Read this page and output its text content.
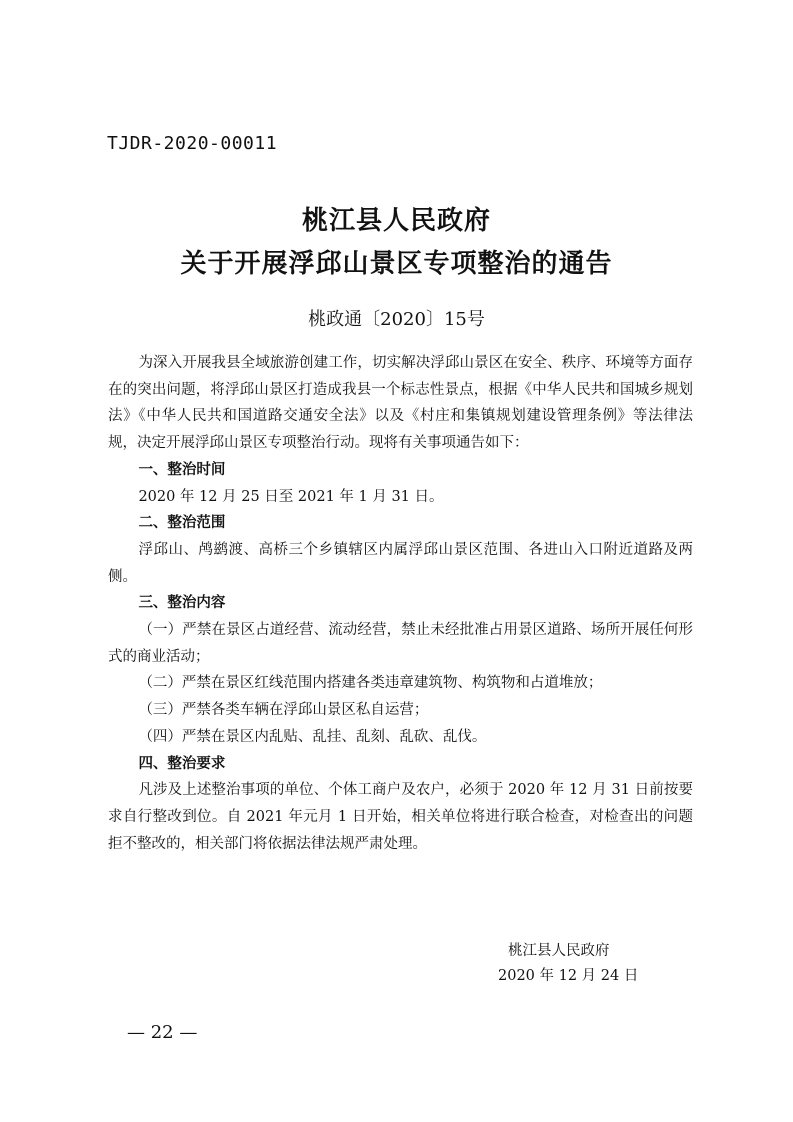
TJDR-2020-00011
桃江县人民政府
关于开展浮邱山景区专项整治的通告
桃政通〔2020〕15号

为深入开展我县全域旅游创建工作，切实解决浮邱山景区在安全、秩序、环境等方面存在的突出问题，将浮邱山景区打造成我县一个标志性景点，根据《中华人民共和国城乡规划法》《中华人民共和国道路交通安全法》以及《村庄和集镇规划建设管理条例》等法律法规，决定开展浮邱山景区专项整治行动。现将有关事项通告如下：

一、整治时间

2020 年 12 月 25 日至 2021 年 1 月 31 日。

二、整治范围

浮邱山、鸬鹚渡、高桥三个乡镇辖区内属浮邱山景区范围、各进山入口附近道路及两侧。

三、整治内容

（一）严禁在景区占道经营、流动经营，禁止未经批准占用景区道路、场所开展任何形式的商业活动；

（二）严禁在景区红线范围内搭建各类违章建筑物、构筑物和占道堆放；

（三）严禁各类车辆在浮邱山景区私自运营；

（四）严禁在景区内乱贴、乱挂、乱刻、乱砍、乱伐。

四、整治要求

凡涉及上述整治事项的单位、个体工商户及农户，必须于 2020 年 12 月 31 日前按要求自行整改到位。自 2021 年元月 1 日开始，相关单位将进行联合检查，对检查出的问题拒不整改的，相关部门将依据法律法规严肃处理。

桃江县人民政府
2020 年 12 月 24 日
— 22 —
